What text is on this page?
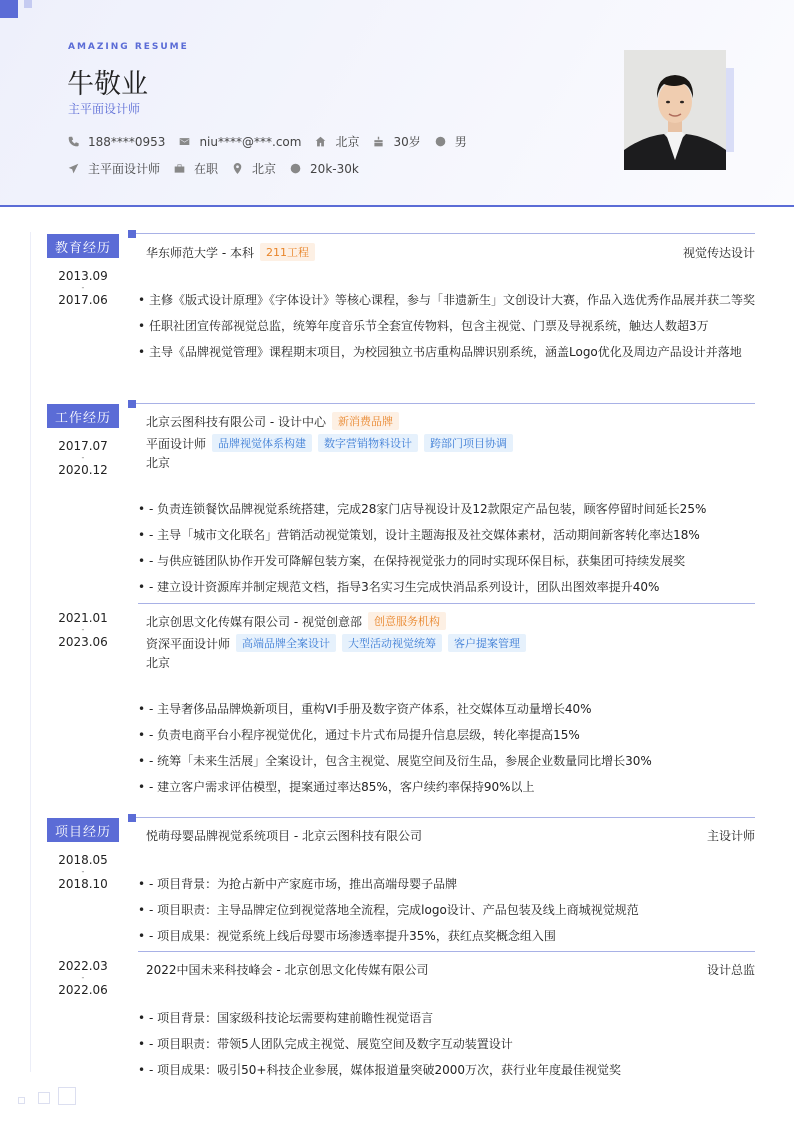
AMAZING RESUME
牛敬业
主平面设计师
188****0953	niu****@***.com	北京	30岁	男
主平面设计师	在职	北京	20k-30k
教育经历
2013.09
-
2017.06
华东师范大学 - 本科	211工程	视觉传达设计
• 主修《版式设计原理》《字体设计》等核心课程，参与「非遗新生」文创设计大赛，作品入选优秀作品展并获二等奖
• 任职社团宣传部视觉总监，统筹年度音乐节全套宣传物料，包含主视觉、门票及导视系统，触达人数超3万
• 主导《品牌视觉管理》课程期末项目，为校园独立书店重构品牌识别系统，涵盖Logo优化及周边产品设计并落地
工作经历
2017.07
-
2020.12
北京云图科技有限公司 - 设计中心	新消费品牌
平面设计师	品牌视觉体系构建	数字营销物料设计	跨部门项目协调
北京
• - 负责连锁餐饮品牌视觉系统搭建，完成28家门店导视设计及12款限定产品包装，顾客停留时间延长25%
• - 主导「城市文化联名」营销活动视觉策划，设计主题海报及社交媒体素材，活动期间新客转化率达18%
• - 与供应链团队协作开发可降解包装方案，在保持视觉张力的同时实现环保目标，获集团可持续发展奖
• - 建立设计资源库并制定规范文档，指导3名实习生完成快消品系列设计，团队出图效率提升40%
2021.01
-
2023.06
北京创思文化传媒有限公司 - 视觉创意部	创意服务机构
资深平面设计师	高端品牌全案设计	大型活动视觉统筹	客户提案管理
北京
• - 主导奢侈品品牌焕新项目，重构VI手册及数字资产体系，社交媒体互动量增长40%
• - 负责电商平台小程序视觉优化，通过卡片式布局提升信息层级，转化率提高15%
• - 统筹「未来生活展」全案设计，包含主视觉、展览空间及衍生品，参展企业数量同比增长30%
• - 建立客户需求评估模型，提案通过率达85%，客户续约率保持90%以上
项目经历
2018.05
-
2018.10
悦萌母婴品牌视觉系统项目 - 北京云图科技有限公司	主设计师
• - 项目背景：为抢占新中产家庭市场，推出高端母婴子品牌
• - 项目职责：主导品牌定位到视觉落地全流程，完成logo设计、产品包装及线上商城视觉规范
• - 项目成果：视觉系统上线后母婴市场渗透率提升35%，获红点奖概念组入围
2022.03
-
2022.06
2022中国未来科技峰会 - 北京创思文化传媒有限公司	设计总监
• - 项目背景：国家级科技论坛需要构建前瞻性视觉语言
• - 项目职责：带领5人团队完成主视觉、展览空间及数字互动装置设计
• - 项目成果：吸引50+科技企业参展，媒体报道量突破2000万次，获行业年度最佳视觉奖
